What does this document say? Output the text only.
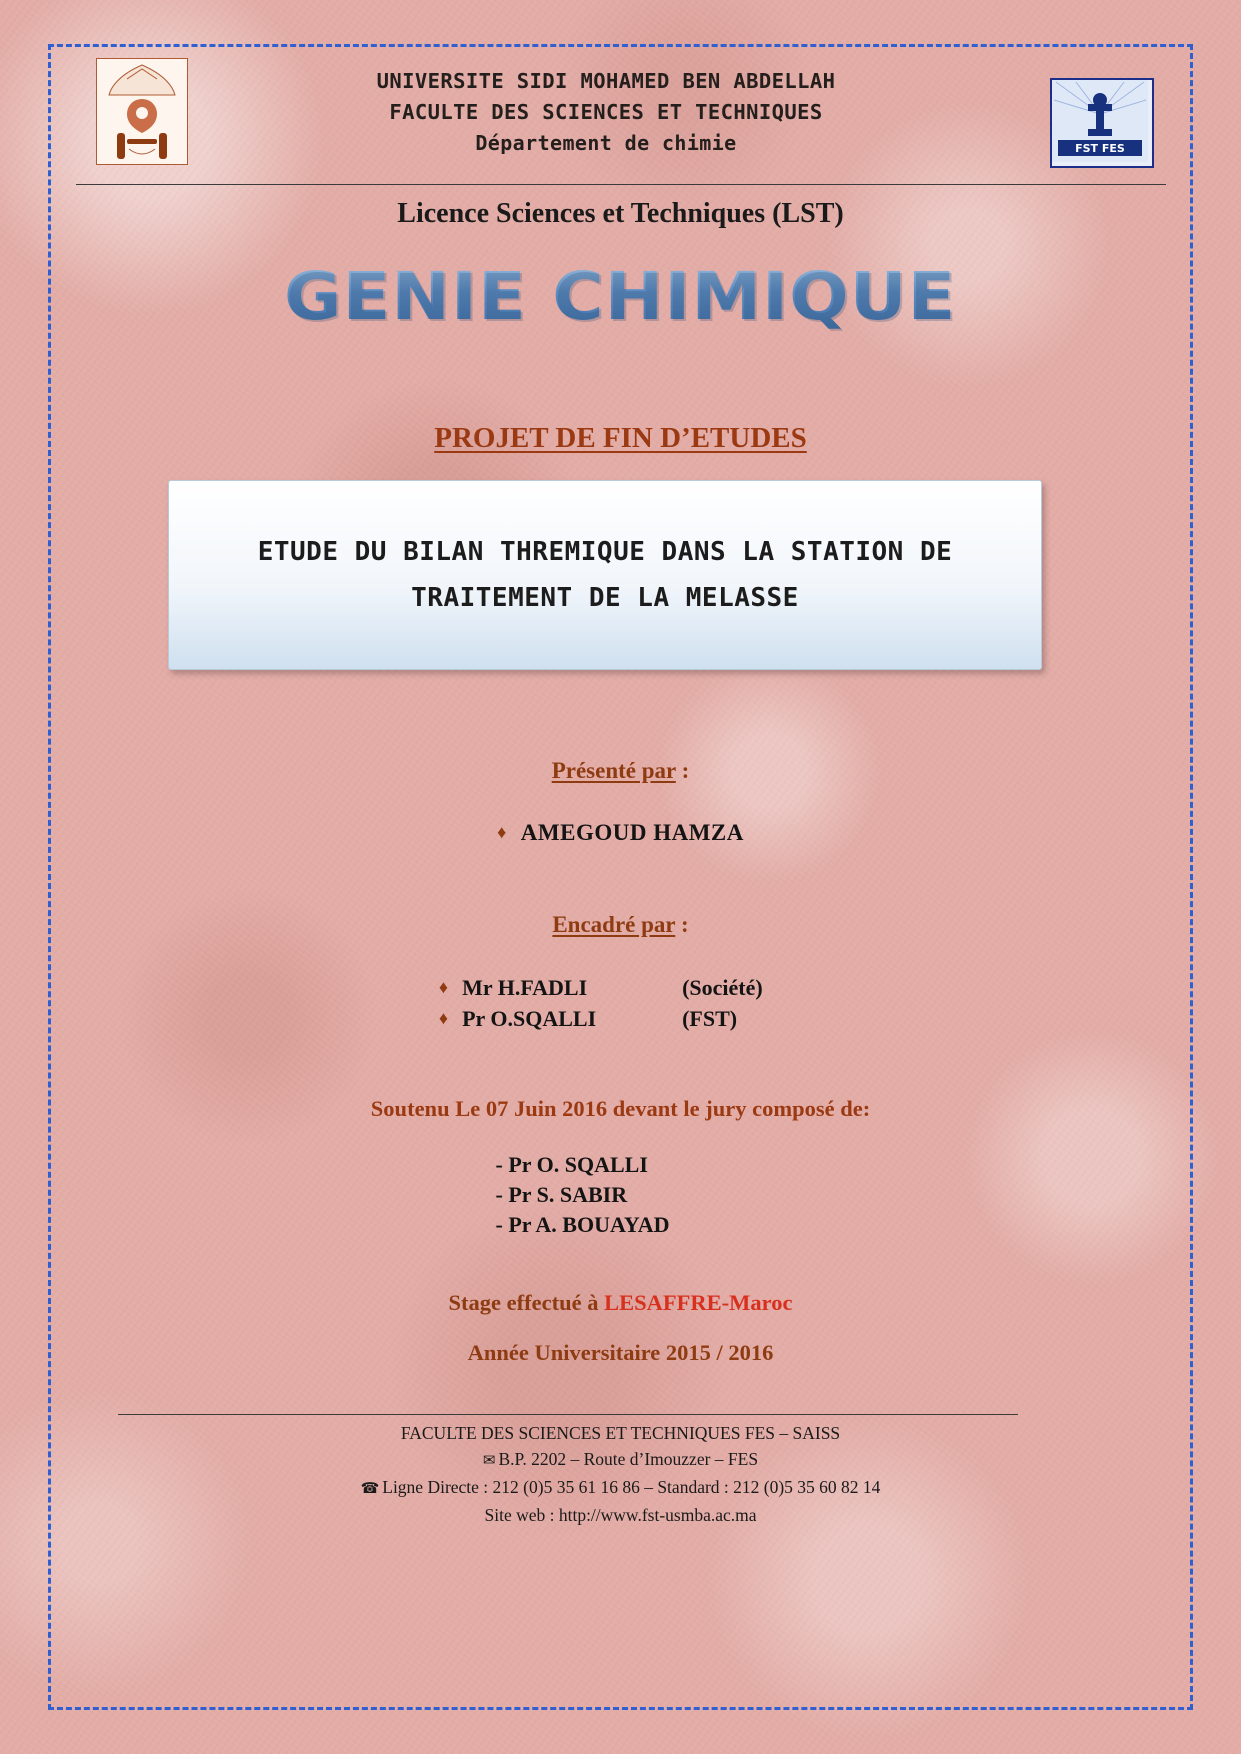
UNIVERSITE SIDI MOHAMED BEN ABDELLAH
FACULTE DES SCIENCES ET TECHNIQUES
Département de chimie	FST FES
Licence Sciences et Techniques (LST)
GENIE CHIMIQUE
PROJET DE FIN D’ETUDES
ETUDE DU BILAN THREMIQUE DANS LA STATION DE
TRAITEMENT DE LA MELASSE
Présenté par :
♦ AMEGOUD HAMZA
Encadré par :
♦ Mr H.FADLI	(Société)
♦ Pr O.SQALLI	(FST)
Soutenu Le 07 Juin 2016 devant le jury composé de:
- Pr O. SQALLI
- Pr S. SABIR
- Pr A. BOUAYAD
Stage effectué à LESAFFRE-Maroc
Année Universitaire 2015 / 2016
FACULTE DES SCIENCES ET TECHNIQUES FES – SAISS
✉ B.P. 2202 – Route d’Imouzzer – FES
☎ Ligne Directe : 212 (0)5 35 61 16 86 – Standard : 212 (0)5 35 60 82 14
Site web : http://www.fst-usmba.ac.ma
